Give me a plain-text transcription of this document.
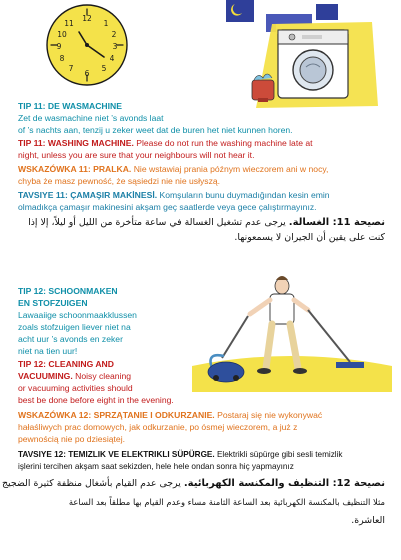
12
1
2
3
4
5
6
7
8
9
10
11
TIP 11: DE WASMACHINE
Zet de wasmachine niet ’s avonds laat
of ’s nachts aan, tenzij u zeker weet dat de buren het niet kunnen horen.
TIP 11: WASHING MACHINE. Please do not run the washing machine late at
night, unless you are sure that your neighbours will not hear it.
WSKAZÓWKA 11: PRALKA. Nie wstawiaj prania późnym wieczorem ani w nocy,
chyba że masz pewność, że sąsiedzi nie nie usłyszą.
TAVSIYE 11: ÇAMAŞIR MAKİNESİ. Komşuların bunu duymadığından kesin emin
olmadıkça çamaşır makinesini akşam geç saatlerde veya gece çalıştırmayınız.
نصيحة 11: الغسالة. يرجى عدم تشغيل الغسالة في ساعة متأخرة من الليل أو ليلاً، إلا إذا
كنت على يقين أن الجيران لا يسمعونها.
TIP 12: SCHOONMAKEN
EN STOFZUIGEN
Lawaaiige schoonmaakklussen
zoals stofzuigen liever niet na
acht uur ’s avonds en zeker
niet na tien uur!
TIP 12: CLEANING AND
VACUUMING. Noisy cleaning
or vacuuming activities should
best be done before eight in the evening.
WSKAZÓWKA 12: SPRZĄTANIE I ODKURZANIE. Postaraj się nie wykonywać
hałaśliwych prac domowych, jak odkurzanie, po ósmej wieczorem, a już z
pewnością nie po dziesiątej.
TAVSIYE 12: TEMIZLIK VE ELEKTRIKLI SÜPÜRGE. Elektrikli süpürge gibi sesli temizlik
işlerini tercihen akşam saat sekizden, hele hele ondan sonra hiç yapmayınız
نصيحة 12: التنظيف والمكنسة الكهربائية. يرجى عدم القيام بأشغال منظفة كثيرة الضجيج
مثلا التنظيف بالمكنسة الكهربائية بعد الساعة الثامنة مساء وعدم القيام بها مطلقاً بعد الساعة
العاشرة.
